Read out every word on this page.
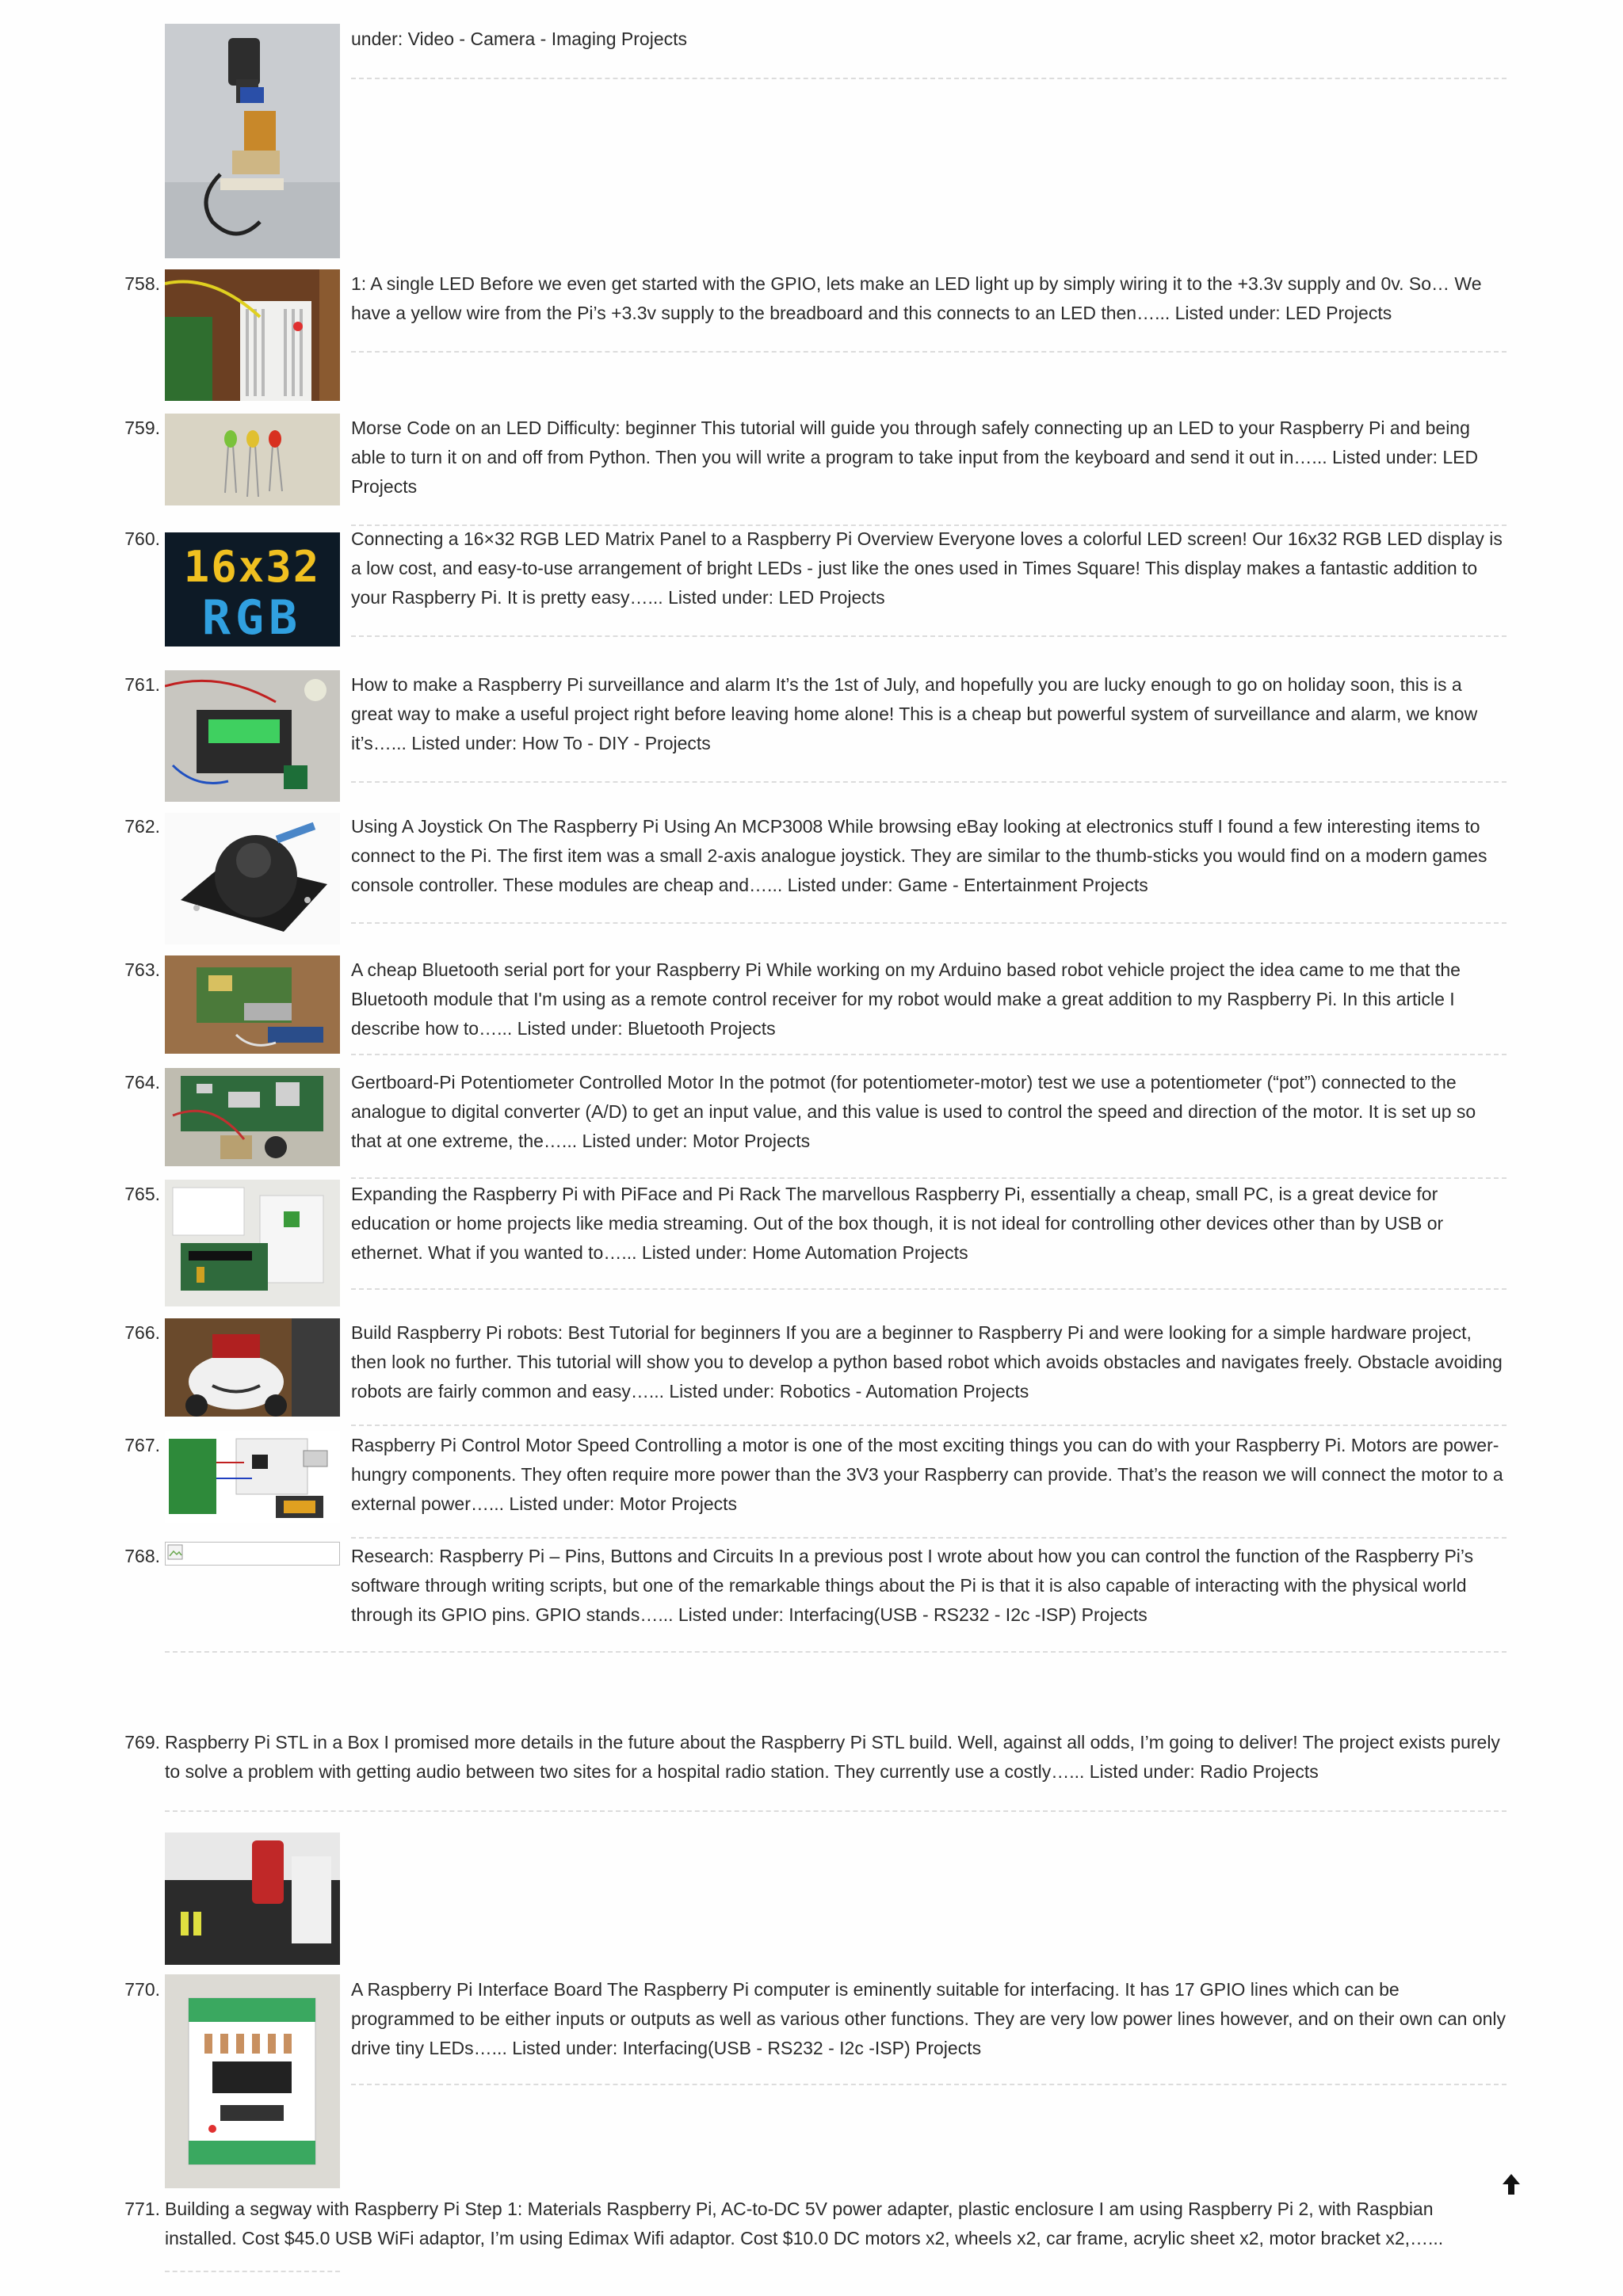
under: Video - Camera - Imaging Projects
758.	1: A single LED Before we even get started with the GPIO, lets make an LED light up by simply wiring it to the +3.3v supply and 0v. So… We have a yellow wire from the Pi’s +3.3v supply to the breadboard and this connects to an LED then…... Listed under: LED Projects
759.	Morse Code on an LED Difficulty: beginner This tutorial will guide you through safely connecting up an LED to your Raspberry Pi and being able to turn it on and off from Python. Then you will write a program to take input from the keyboard and send it out in…... Listed under: LED Projects
760.
16x32
RGB
Connecting a 16×32 RGB LED Matrix Panel to a Raspberry Pi Overview Everyone loves a colorful LED screen! Our 16x32 RGB LED display is a low cost, and easy-to-use arrangement of bright LEDs - just like the ones used in Times Square! This display makes a fantastic addition to your Raspberry Pi. It is pretty easy…... Listed under: LED Projects
761.	How to make a Raspberry Pi surveillance and alarm It’s the 1st of July, and hopefully you are lucky enough to go on holiday soon, this is a great way to make a useful project right before leaving home alone! This is a cheap but powerful system of surveillance and alarm, we know it’s…... Listed under: How To - DIY - Projects
762.	Using A Joystick On The Raspberry Pi Using An MCP3008 While browsing eBay looking at electronics stuff I found a few interesting items to connect to the Pi. The first item was a small 2-axis analogue joystick. They are similar to the thumb-sticks you would find on a modern games console controller. These modules are cheap and…... Listed under: Game - Entertainment Projects
763.	A cheap Bluetooth serial port for your Raspberry Pi While working on my Arduino based robot vehicle project the idea came to me that the Bluetooth module that I'm using as a remote control receiver for my robot would make a great addition to my Raspberry Pi. In this article I describe how to…... Listed under: Bluetooth Projects
764.	Gertboard-Pi Potentiometer Controlled Motor In the potmot (for potentiometer-motor) test we use a potentiometer (“pot”) connected to the analogue to digital converter (A/D) to get an input value, and this value is used to control the speed and direction of the motor. It is set up so that at one extreme, the…... Listed under: Motor Projects
765.	Expanding the Raspberry Pi with PiFace and Pi Rack The marvellous Raspberry Pi, essentially a cheap, small PC, is a great device for education or home projects like media streaming. Out of the box though, it is not ideal for controlling other devices other than by USB or ethernet. What if you wanted to…... Listed under: Home Automation Projects
766.	Build Raspberry Pi robots: Best Tutorial for beginners If you are a beginner to Raspberry Pi and were looking for a simple hardware project, then look no further. This tutorial will show you to develop a python based robot which avoids obstacles and navigates freely. Obstacle avoiding robots are fairly common and easy…... Listed under: Robotics - Automation Projects
767.	Raspberry Pi Control Motor Speed Controlling a motor is one of the most exciting things you can do with your Raspberry Pi. Motors are power-hungry components. They often require more power than the 3V3 your Raspberry can provide. That’s the reason we will connect the motor to a external power…... Listed under: Motor Projects
768.	Research: Raspberry Pi – Pins, Buttons and Circuits In a previous post I wrote about how you can control the function of the Raspberry Pi’s software through writing scripts, but one of the remarkable things about the Pi is that it is also capable of interacting with the physical world through its GPIO pins. GPIO stands…... Listed under: Interfacing(USB - RS232 - I2c -ISP) Projects
769. Raspberry Pi STL in a Box I promised more details in the future about the Raspberry Pi STL build. Well, against all odds, I’m going to deliver! The project exists purely to solve a problem with getting audio between two sites for a hospital radio station. They currently use a costly…... Listed under: Radio Projects
770.	A Raspberry Pi Interface Board The Raspberry Pi computer is eminently suitable for interfacing. It has 17 GPIO lines which can be programmed to be either inputs or outputs as well as various other functions. They are very low power lines however, and on their own can only drive tiny LEDs…... Listed under: Interfacing(USB - RS232 - I2c -ISP) Projects
771. Building a segway with Raspberry Pi Step 1: Materials Raspberry Pi, AC-to-DC 5V power adapter, plastic enclosure I am using Raspberry Pi 2, with Raspbian installed. Cost $45.0 USB WiFi adaptor, I’m using Edimax Wifi adaptor. Cost $10.0 DC motors x2, wheels x2, car frame, acrylic sheet x2, motor bracket x2,…...
